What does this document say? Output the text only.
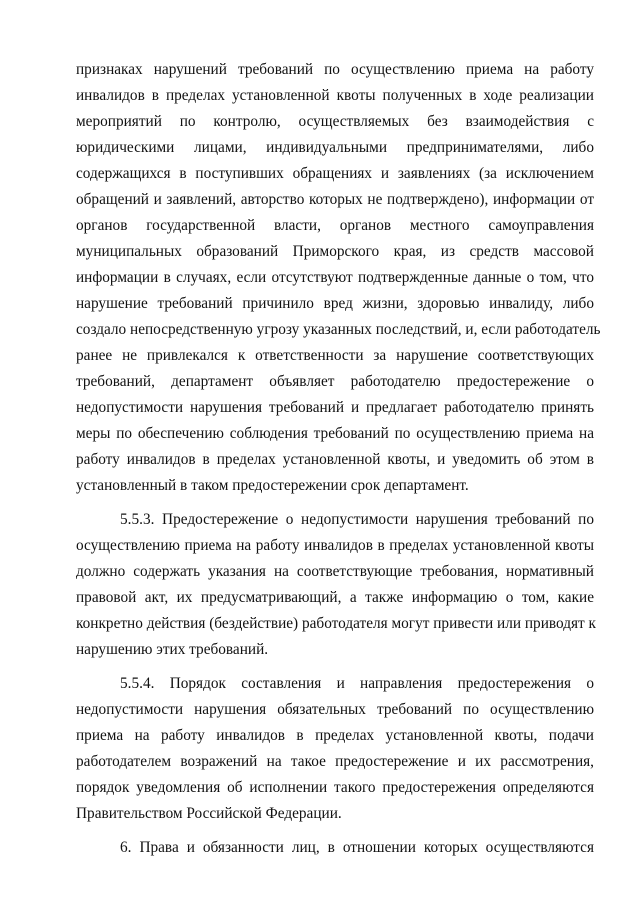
признаках нарушений требований по осуществлению приема на работу
инвалидов в пределах установленной квоты полученных в ходе реализации
мероприятий по контролю, осуществляемых без взаимодействия с
юридическими лицами, индивидуальными предпринимателями, либо
содержащихся в поступивших обращениях и заявлениях (за исключением
обращений и заявлений, авторство которых не подтверждено), информации от
органов государственной власти, органов местного самоуправления
муниципальных образований Приморского края, из средств массовой
информации в случаях, если отсутствуют подтвержденные данные о том, что
нарушение требований причинило вред жизни, здоровью инвалиду, либо
создало непосредственную угрозу указанных последствий, и, если работодатель
ранее не привлекался к ответственности за нарушение соответствующих
требований, департамент объявляет работодателю предостережение о
недопустимости нарушения требований и предлагает работодателю принять
меры по обеспечению соблюдения требований по осуществлению приема на
работу инвалидов в пределах установленной квоты, и уведомить об этом в
установленный в таком предостережении срок департамент.
5.5.3. Предостережение о недопустимости нарушения требований по
осуществлению приема на работу инвалидов в пределах установленной квоты
должно содержать указания на соответствующие требования, нормативный
правовой акт, их предусматривающий, а также информацию о том, какие
конкретно действия (бездействие) работодателя могут привести или приводят к
нарушению этих требований.
5.5.4. Порядок составления и направления предостережения о
недопустимости нарушения обязательных требований по осуществлению
приема на работу инвалидов в пределах установленной квоты, подачи
работодателем возражений на такое предостережение и их рассмотрения,
порядок уведомления об исполнении такого предостережения определяются
Правительством Российской Федерации.
6. Права и обязанности лиц, в отношении которых осуществляются
